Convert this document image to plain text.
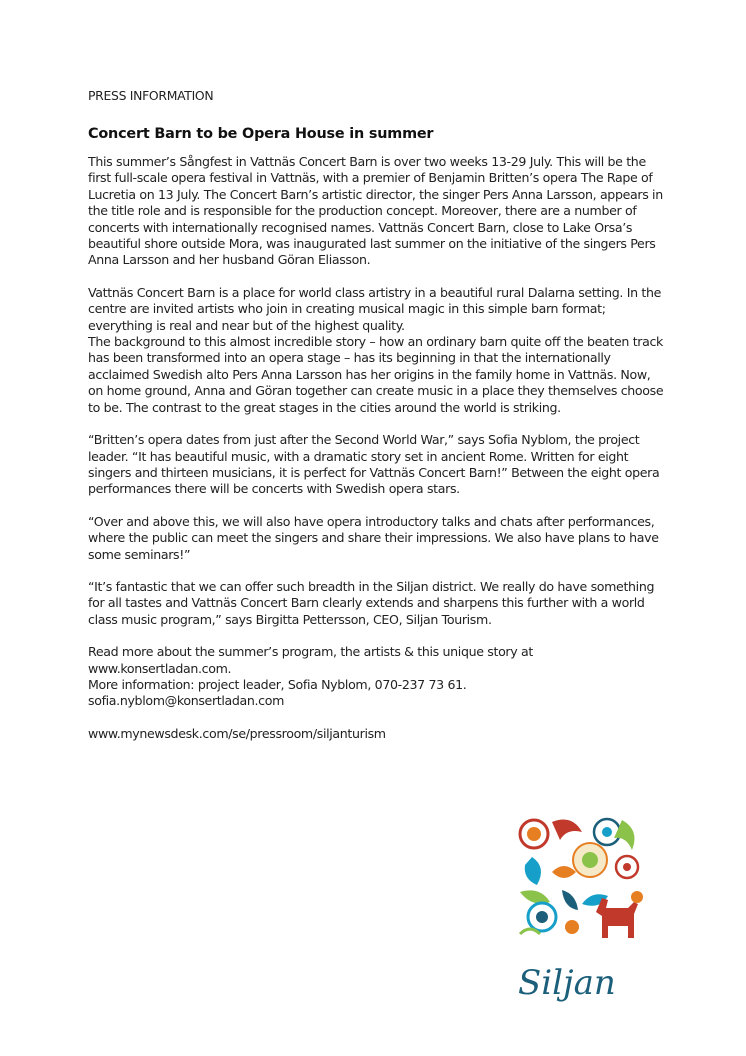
PRESS INFORMATION

Concert Barn to be Opera House in summer

This summer’s Sångfest in Vattnäs Concert Barn is over two weeks 13-29 July. This will be the first full-scale opera festival in Vattnäs, with a premier of Benjamin Britten’s opera The Rape of Lucretia on 13 July. The Concert Barn’s artistic director, the singer Pers Anna Larsson, appears in the title role and is responsible for the production concept. Moreover, there are a number of concerts with internationally recognised names. Vattnäs Concert Barn, close to Lake Orsa’s beautiful shore outside Mora, was inaugurated last summer on the initiative of the singers Pers Anna Larsson and her husband Göran Eliasson.

Vattnäs Concert Barn is a place for world class artistry in a beautiful rural Dalarna setting. In the centre are invited artists who join in creating musical magic in this simple barn format; everything is real and near but of the highest quality.

The background to this almost incredible story – how an ordinary barn quite off the beaten track has been transformed into an opera stage – has its beginning in that the internationally acclaimed Swedish alto Pers Anna Larsson has her origins in the family home in Vattnäs. Now, on home ground, Anna and Göran together can create music in a place they themselves choose to be. The contrast to the great stages in the cities around the world is striking.

“Britten’s opera dates from just after the Second World War,” says Sofia Nyblom, the project leader. “It has beautiful music, with a dramatic story set in ancient Rome. Written for eight singers and thirteen musicians, it is perfect for Vattnäs Concert Barn!” Between the eight opera performances there will be concerts with Swedish opera stars.

“Over and above this, we will also have opera introductory talks and chats after performances, where the public can meet the singers and share their impressions. We also have plans to have some seminars!”

“It’s fantastic that we can offer such breadth in the Siljan district. We really do have something for all tastes and Vattnäs Concert Barn clearly extends and sharpens this further with a world class music program,” says Birgitta Pettersson, CEO, Siljan Tourism.

Read more about the summer’s program, the artists & this unique story at
www.konsertladan.com.
More information: project leader, Sofia Nyblom, 070-237 73 61.
sofia.nyblom@konsertladan.com

www.mynewsdesk.com/se/pressroom/siljanturism

Siljan
